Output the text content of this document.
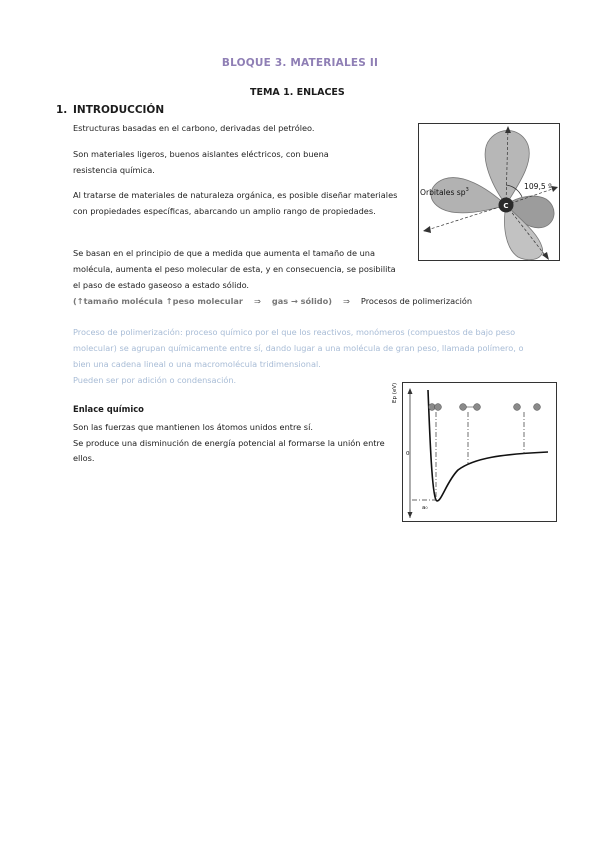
BLOQUE 3. MATERIALES II
TEMA 1. ENLACES
1. INTRODUCCIÓN

Estructuras basadas en el carbono, derivadas del petróleo.

Son materiales ligeros, buenos aislantes eléctricos, con buena resistencia química.

Al tratarse de materiales de naturaleza orgánica, es posible diseñar materiales con propiedades específicas, abarcando un amplio rango de propiedades.

Se basan en el principio de que a medida que aumenta el tamaño de una molécula, aumenta el peso molecular de esta, y en consecuencia, se posibilita el paso de estado gaseoso a estado sólido.

(↑tamaño molécula ↑peso molecular ⇒ gas → sólido) ⇒ Procesos de polimerización

Proceso de polimerización: proceso químico por el que los reactivos, monómeros (compuestos de bajo peso molecular) se agrupan químicamente entre sí, dando lugar a una molécula de gran peso, llamada polímero, o bien una cadena lineal o una macromolécula tridimensional.

Pueden ser por adición o condensación.

Enlace químico

Son las fuerzas que mantienen los átomos unidos entre sí.

Se produce una disminución de energía potencial al formarse la unión entre ellos.

C
Orbitales $sp^3$	109,5 º
Ep (eV)
0
a₀
